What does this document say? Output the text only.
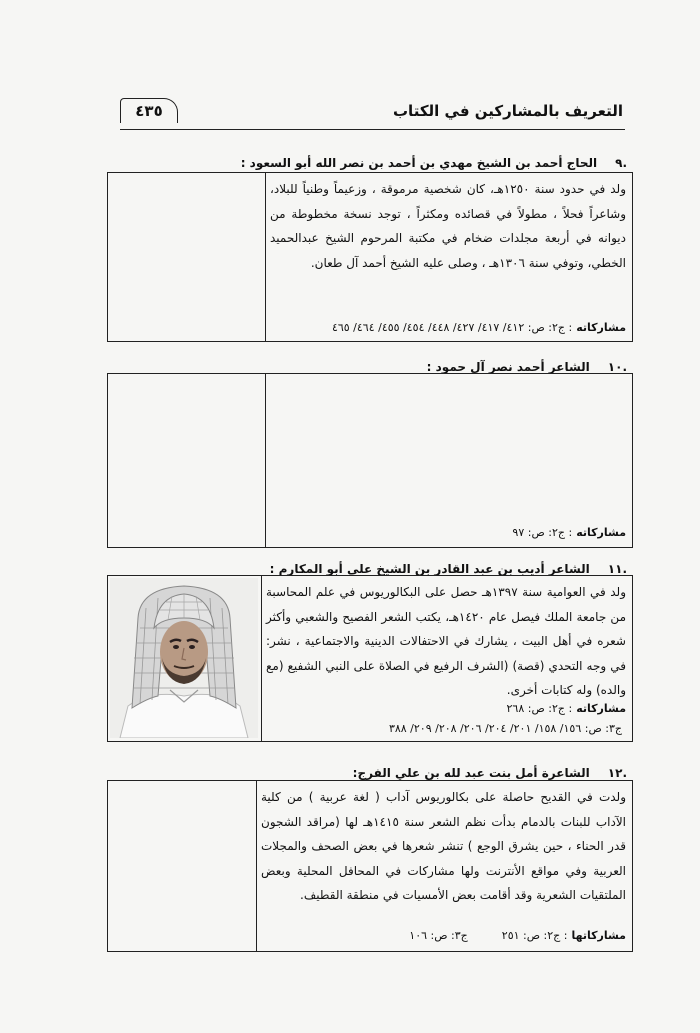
٤٣٥	التعريف بالمشاركين في الكتاب
.٩الحاج أحمد بن الشيخ مهدي بن أحمد بن نصر الله أبو السعود :
ولد في حدود سنة ١٢٥٠هـ، كان شخصية مرموقة ، وزعيماً وطنياً للبلاد، وشاعراً فحلاً ، مطولاً في قصائده ومكثراً ، توجد نسخة مخطوطة من ديوانه في أربعة مجلدات ضخام في مكتبة المرحوم الشيخ عبدالحميد الخطي، وتوفي سنة ١٣٠٦هـ ، وصلى عليه الشيخ أحمد آل طعان.
مشاركاته: ج٢: ص: ٤١٢/ ٤١٧/ ٤٢٧/ ٤٤٨/ ٤٥٤/ ٤٥٥/ ٤٦٤/ ٤٦٥
.١٠الشاعر أحمد نصر آل حمود :
مشاركاته: ج٢: ص: ٩٧
.١١الشاعر أديب بن عبد القادر بن الشيخ علي أبو المكارم :
ولد في العوامية سنة ١٣٩٧هـ حصل على البكالوريوس في علم المحاسبة من جامعة الملك فيصل عام ١٤٢٠هـ، يكتب الشعر الفصيح والشعبي وأكثر شعره في أهل البيت ، يشارك في الاحتفالات الدينية والاجتماعية ، نشر: في وجه التحدي (قصة) (الشرف الرفيع في الصلاة على النبي الشفيع (مع والده) وله كتابات أخرى.
مشاركاته: ج٢: ص: ٢٦٨
ج٣: ص: ١٥٦/ ١٥٨/ ٢٠١/ ٢٠٤/ ٢٠٦/ ٢٠٨/ ٢٠٩/ ٣٨٨
.١٢الشاعرة أمل بنت عبد لله بن علي الفرج:
ولدت في القديح حاصلة على بكالوريوس آداب ( لغة عربية ) من كلية الآداب للبنات بالدمام بدأت نظم الشعر سنة ١٤١٥هـ لها (مراقد الشجون قدر الحناء ، حين يشرق الوجع ) تنشر شعرها في بعض الصحف والمجلات العربية وفي مواقع الأنترنت ولها مشاركات في المحافل المحلية وبعض الملتقيات الشعرية وقد أقامت بعض الأمسيات في منطقة القطيف.
مشاركاتها: ج٢: ص: ٢٥١ج٣: ص: ١٠٦
